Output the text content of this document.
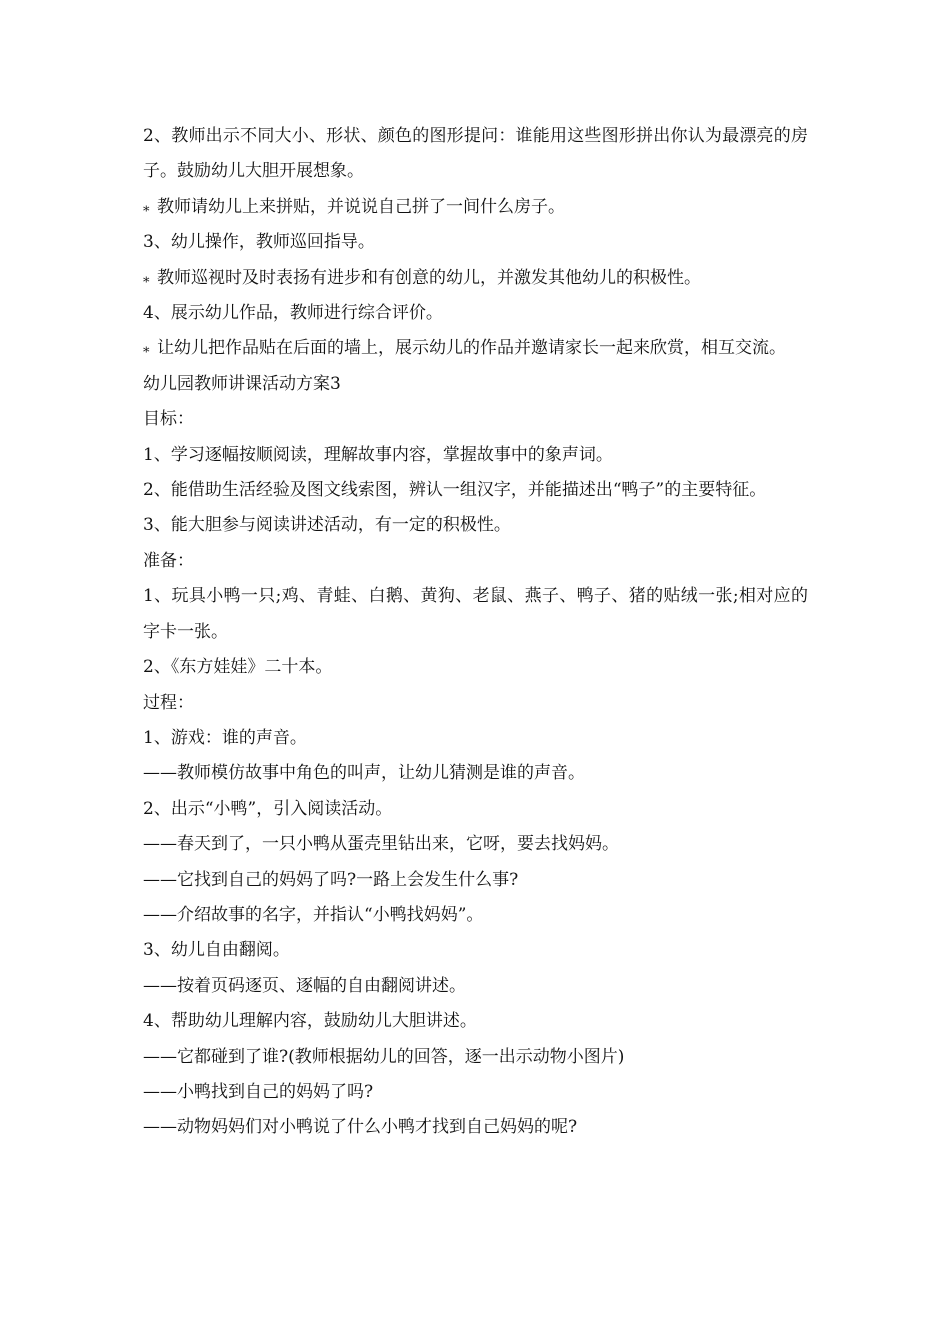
2、教师出示不同大小、形状、颜色的图形提问：谁能用这些图形拼出你认为最漂亮的房子。鼓励幼儿大胆开展想象。

⁎ 教师请幼儿上来拼贴，并说说自己拼了一间什么房子。

3、幼儿操作，教师巡回指导。

⁎ 教师巡视时及时表扬有进步和有创意的幼儿，并激发其他幼儿的积极性。

4、展示幼儿作品，教师进行综合评价。

⁎ 让幼儿把作品贴在后面的墙上，展示幼儿的作品并邀请家长一起来欣赏，相互交流。

幼儿园教师讲课活动方案3

目标：

1、学习逐幅按顺阅读，理解故事内容，掌握故事中的象声词。

2、能借助生活经验及图文线索图，辨认一组汉字，并能描述出“鸭子”的主要特征。

3、能大胆参与阅读讲述活动，有一定的积极性。

准备：

1、玩具小鸭一只;鸡、青蛙、白鹅、黄狗、老鼠、燕子、鸭子、猪的贴绒一张;相对应的字卡一张。

2、《东方娃娃》二十本。

过程：

1、游戏：谁的声音。

——教师模仿故事中角色的叫声，让幼儿猜测是谁的声音。

2、出示“小鸭”，引入阅读活动。

——春天到了，一只小鸭从蛋壳里钻出来，它呀，要去找妈妈。

——它找到自己的妈妈了吗?一路上会发生什么事?

——介绍故事的名字，并指认“小鸭找妈妈”。

3、幼儿自由翻阅。

——按着页码逐页、逐幅的自由翻阅讲述。

4、帮助幼儿理解内容，鼓励幼儿大胆讲述。

——它都碰到了谁?(教师根据幼儿的回答，逐一出示动物小图片)

——小鸭找到自己的妈妈了吗?

——动物妈妈们对小鸭说了什么小鸭才找到自己妈妈的呢?
